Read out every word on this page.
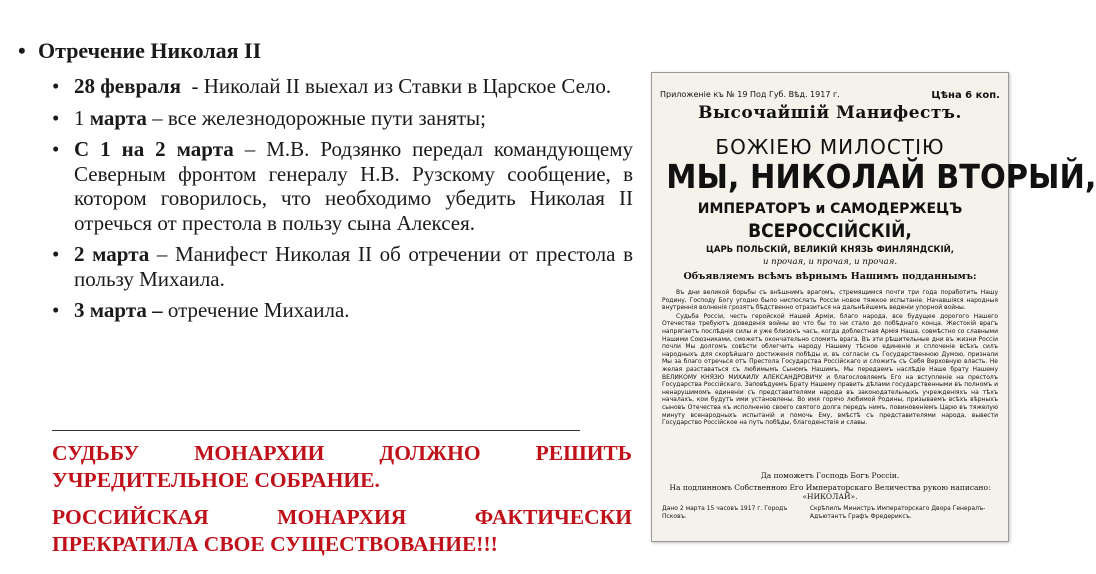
• Отречение Николая II
• 28 февраля  - Николай II выехал из Ставки в Царское Село.
• 1 марта – все железнодорожные пути заняты;
• С 1 на 2 марта – М.В. Родзянко передал командующему Северным фронтом генералу Н.В. Рузскому сообщение, в котором говорилось, что необходимо убедить Николая II отречься от престола в пользу сына Алексея.
• 2 марта – Манифест Николая II об отречении от престола в пользу Михаила.
• 3 марта – отречение Михаила.
СУДЬБУ МОНАРХИИ ДОЛЖНО РЕШИТЬ УЧРЕДИТЕЛЬНОЕ СОБРАНИЕ.
РОССИЙСКАЯ МОНАРХИЯ ФАКТИЧЕСКИ ПРЕКРАТИЛА СВОЕ СУЩЕСТВОВАНИЕ!!!
Приложеніе къ № 19 Под Губ. Вѣд. 1917 г.	Цѣна 6 коп.
Высочайшій Манифестъ.
БОЖІЕЮ МИЛОСТІЮ
МЫ, НИКОЛАЙ ВТОРЫЙ,
ИМПЕРАТОРЪ и САМОДЕРЖЕЦЪ
ВСЕРОССІЙСКІЙ,
ЦАРЬ ПОЛЬСКІЙ, ВЕЛИКІЙ КНЯЗЬ ФИНЛЯНДСКІЙ,
и прочая, и прочая, и прочая.
Объявляемъ всѣмъ вѣрнымъ Нашимъ подданнымъ:

Въ дни великой борьбы съ внѣшнимъ врагомъ, стремящимся почти три года поработить Нашу Родину, Господу Богу угодно было ниспослать Россіи новое тяжкое испытаніе. Начавшіяся народныя внутреннія волненія грозятъ бѣдственно отразиться на дальнѣйшемъ веденіи упорной войны.

Судьба Россіи, честь геройской Нашей Арміи, благо народа, все будущее дорогого Нашего Отечества требуютъ доведенія войны во что бы то ни стало до побѣднаго конца. Жестокій врагъ напрягаетъ послѣднія силы и уже близокъ часъ, когда доблестная Армія Наша, совмѣстно со славными Нашими Союзниками, сможетъ окончательно сломить врага. Въ эти рѣшительные дни въ жизни Россіи почли Мы долгомъ совѣсти облегчить народу Нашему тѣсное единеніе и сплоченіе всѣхъ силъ народныхъ для скорѣйшаго достиженія побѣды и, въ согласіи съ Государственною Думою, признали Мы за благо отречься отъ Престола Государства Россійскаго и сложить съ Себя Верховную власть. Не желая разставаться съ любимымъ Сыномъ Нашимъ, Мы передаемъ наслѣдіе Наше брату Нашему ВЕЛИКОМУ КНЯЗЮ МИХАИЛУ АЛЕКСАНДРОВИЧУ и благословляемъ Его на вступленіе на престолъ Государства Россійскаго. Заповѣдуемъ Брату Нашему править дѣлами государственными въ полномъ и ненарушимомъ единеніи съ представителями народа въ законодательныхъ учрежденіяхъ на тѣхъ началахъ, кои будутъ ими установлены. Во имя горячо любимой Родины, призываемъ всѣхъ вѣрныхъ сыновъ Отечества къ исполненію своего святого долга передъ нимъ, повиновеніемъ Царю въ тяжелую минуту всенародныхъ испытаній и помочь Ему, вмѣстѣ съ представителями народа, вывести Государство Россійское на путь побѣды, благоденствія и славы.

Да поможетъ Господь Богъ Россіи.
На подлинномъ Собственною Его Императорскаго Величества рукою написано: «НИКОЛАЙ».
Дано 2 марта 15 часовъ 1917 г. Городъ Псковъ.
Скрѣпилъ Министръ Императорскаго Двора Генералъ-Адъютантъ Графъ Фредериксъ.
